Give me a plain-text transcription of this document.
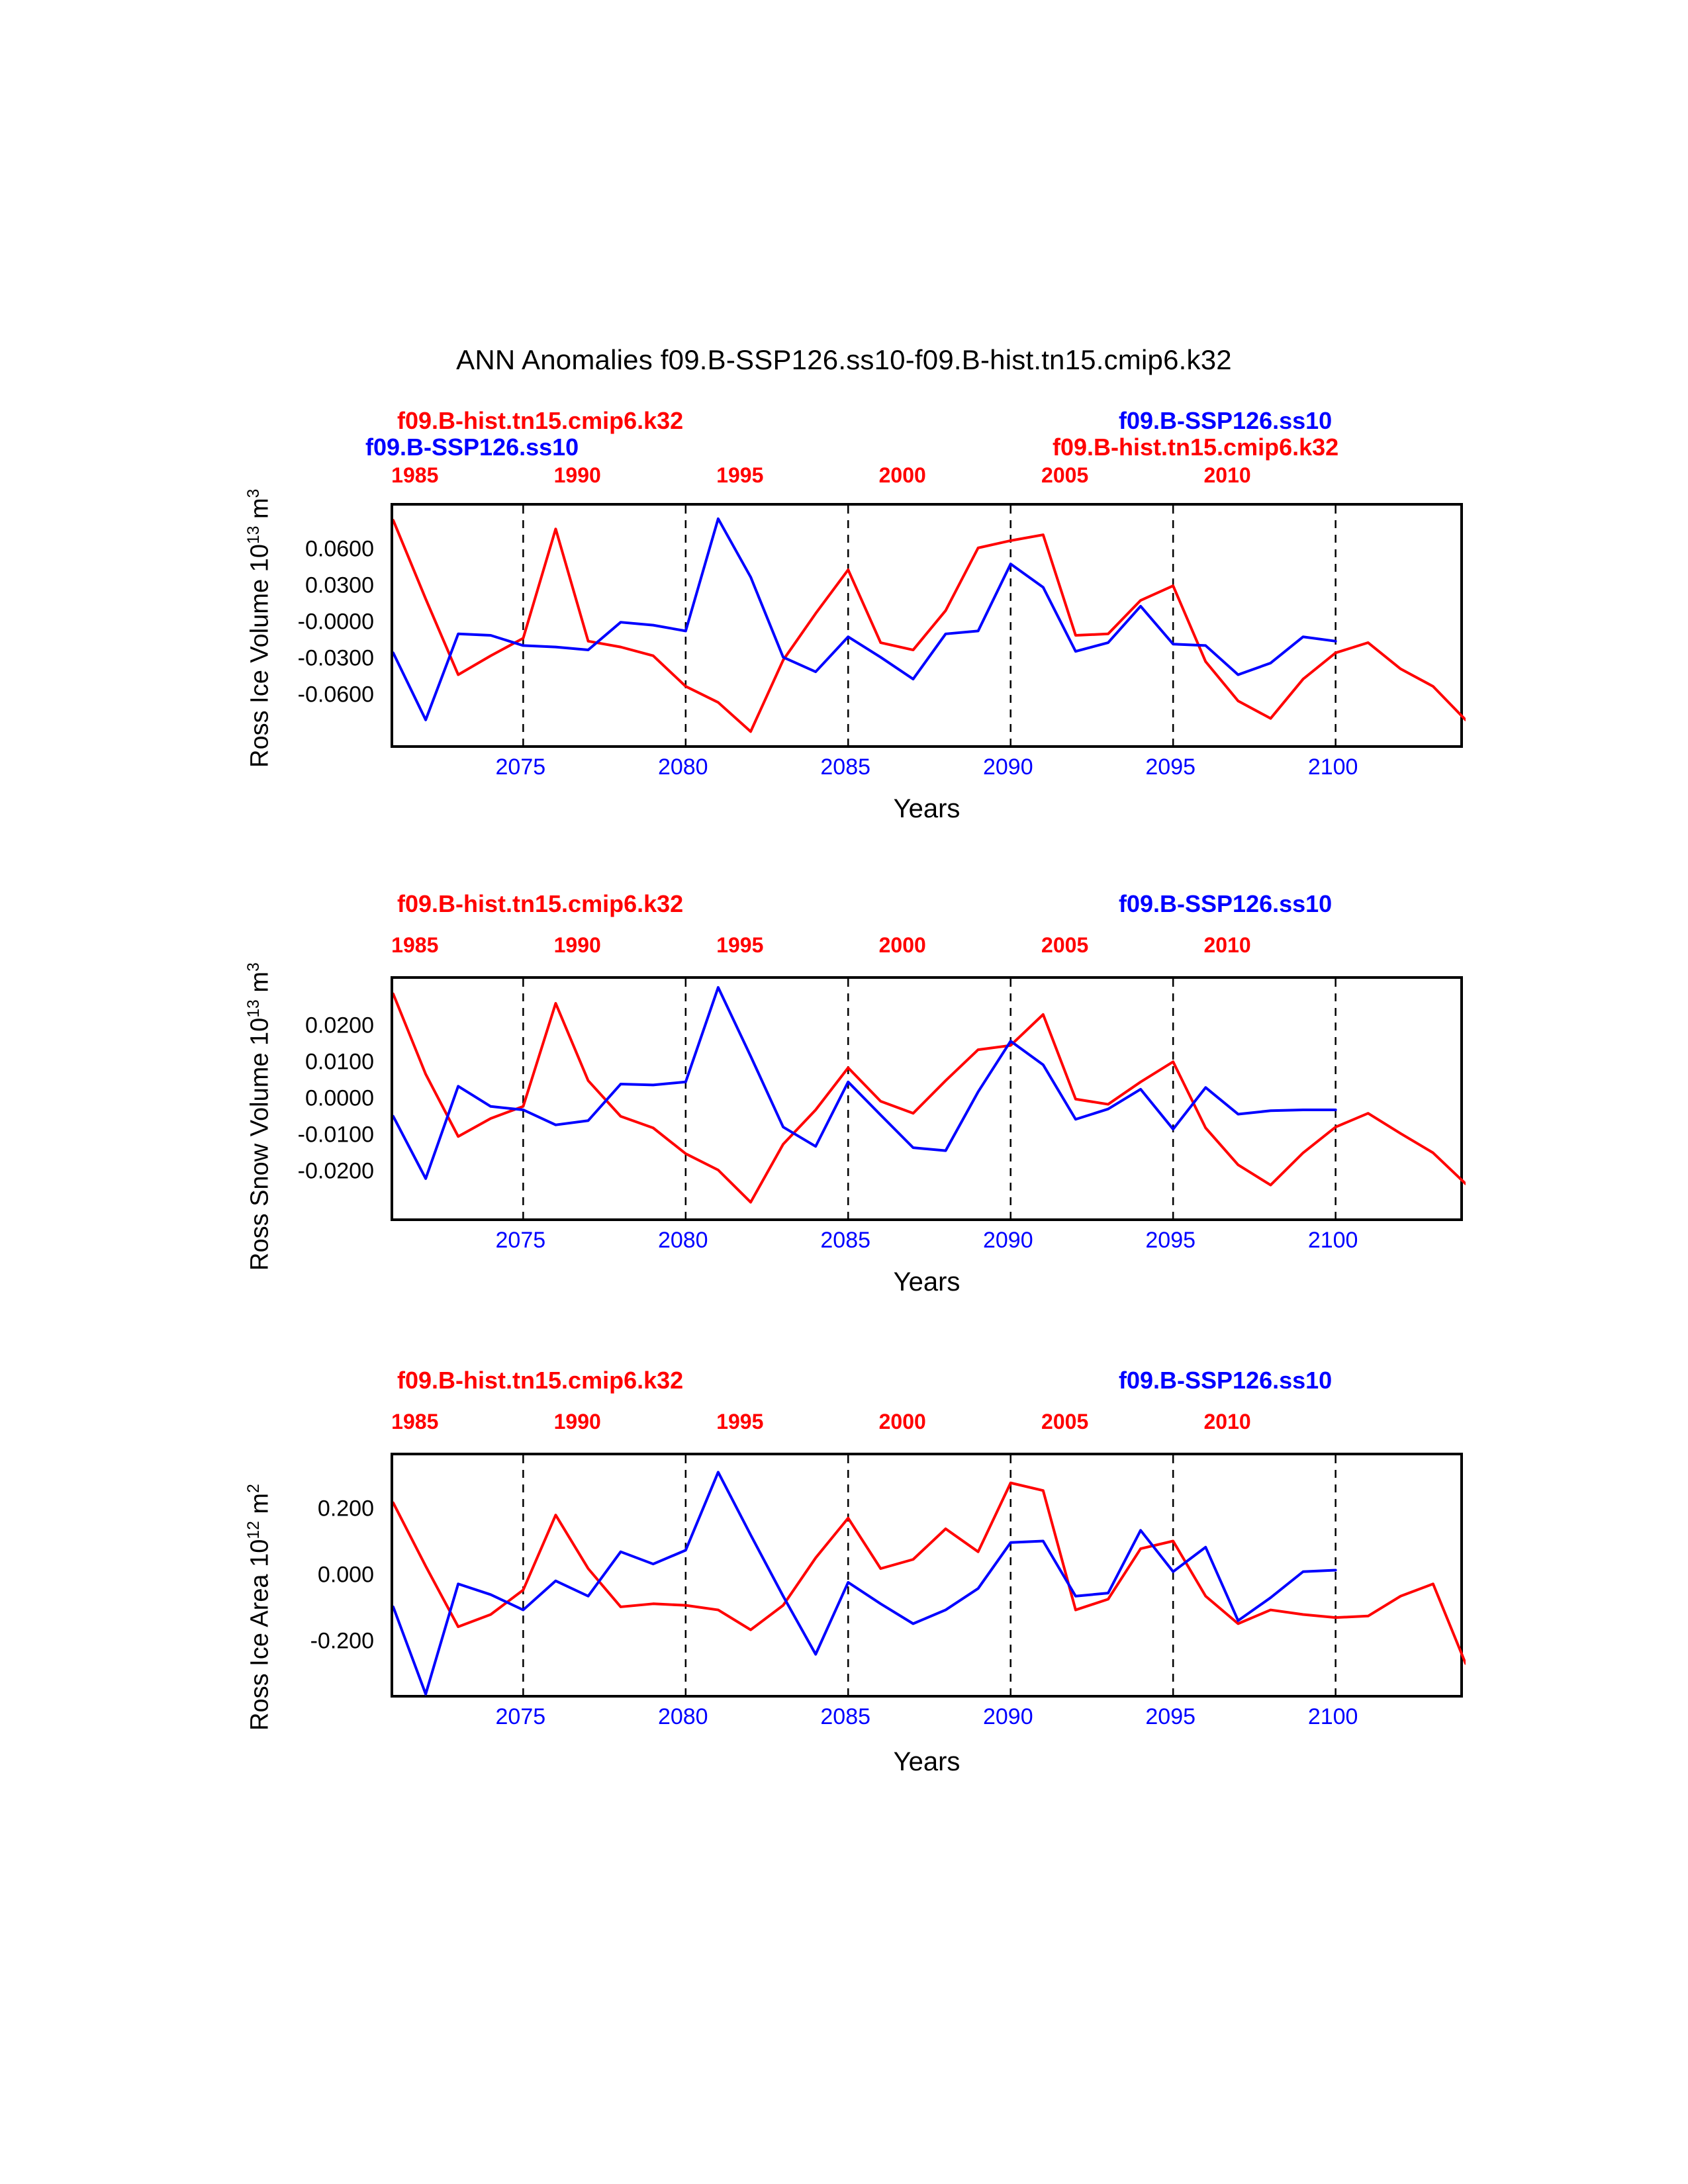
ANN Anomalies f09.B-SSP126.ss10-f09.B-hist.tn15.cmip6.k32
f09.B-hist.tn15.cmip6.k32
f09.B-SSP126.ss10	f09.B-hist.tn15.cmip6.k32
f09.B-SSP126.ss10
1985	1990	1995	2000	2005	2010
Ross Ice Volume $10^{13}$ $m^3$
0.0600
0.0300
-0.0000
-0.0300
-0.0600
2075	2080	2085	2090	2095	2100
Years
f09.B-hist.tn15.cmip6.k32	f09.B-SSP126.ss10
1985	1990	1995	2000	2005	2010
Ross Snow Volume $10^{13}$ $m^3$
0.0200
0.0100
0.0000
-0.0100
-0.0200
2075	2080	2085	2090	2095	2100
Years
f09.B-hist.tn15.cmip6.k32	f09.B-SSP126.ss10
1985	1990	1995	2000	2005	2010
Ross Ice Area $10^{12}$ $m^2$
0.200
0.000
-0.200
2075	2080	2085	2090	2095	2100
Years
